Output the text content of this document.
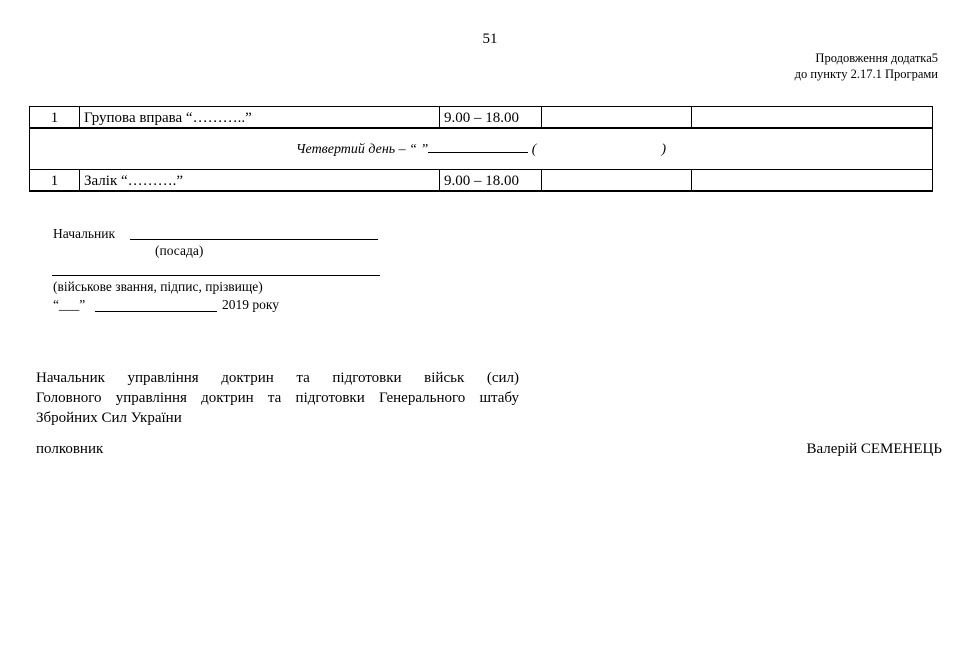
51
Продовження додатка5
до пункту 2.17.1 Програми
1	Групова вправа “………..”	9.00 – 18.00		
Четвертий день – “ ” ( )				
1	Залік “……….”	9.00 – 18.00		
Начальник
(посада)
(військове звання, підпис, прізвище)
“___”	2019 року
Начальник управління доктрин та підготовки військ (сил)
Головного управління доктрин та підготовки Генерального штабу
Збройних Сил України
полковник	Валерій СЕМЕНЕЦЬ
